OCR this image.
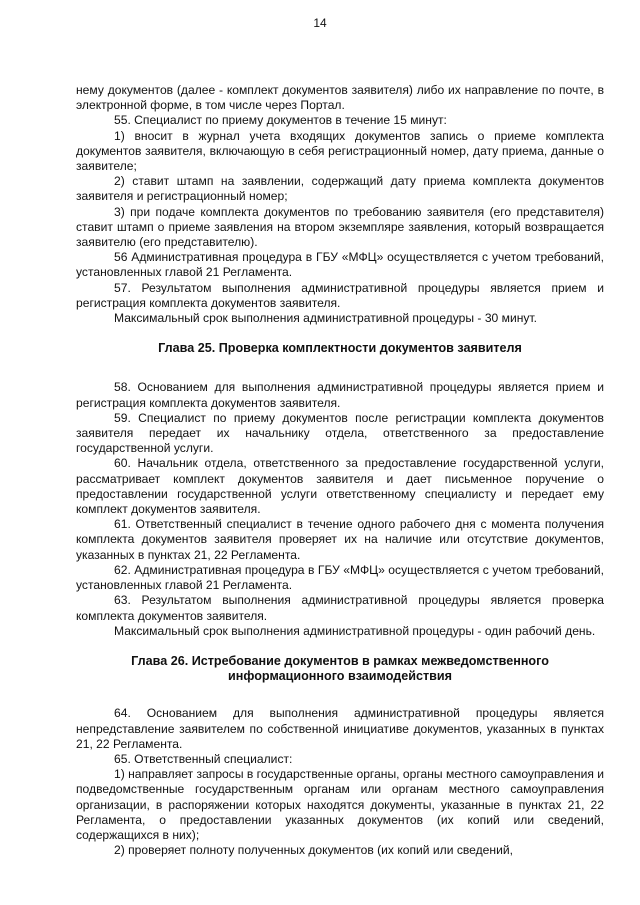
14

нему документов (далее - комплект документов заявителя) либо их направление по почте, в электронной форме, в том числе через Портал.

55. Специалист по приему документов в течение 15 минут:

1) вносит в журнал учета входящих документов запись о приеме комплекта документов заявителя, включающую в себя регистрационный номер, дату приема, данные о заявителе;

2) ставит штамп на заявлении, содержащий дату приема комплекта документов заявителя и регистрационный номер;

3) при подаче комплекта документов по требованию заявителя (его представителя) ставит штамп о приеме заявления на втором экземпляре заявления, который возвращается заявителю (его представителю).

56 Административная процедура в ГБУ «МФЦ» осуществляется с учетом требований, установленных главой 21 Регламента.

57. Результатом выполнения административной процедуры является прием и регистрация комплекта документов заявителя.

Максимальный срок выполнения административной процедуры - 30 минут.

Глава 25. Проверка комплектности документов заявителя

58. Основанием для выполнения административной процедуры является прием и регистрация комплекта документов заявителя.

59. Специалист по приему документов после регистрации комплекта документов заявителя передает их начальнику отдела, ответственного за предоставление государственной услуги.

60. Начальник отдела, ответственного за предоставление государственной услуги, рассматривает комплект документов заявителя и дает письменное поручение о предоставлении государственной услуги ответственному специалисту и передает ему комплект документов заявителя.

61. Ответственный специалист в течение одного рабочего дня с момента получения комплекта документов заявителя проверяет их на наличие или отсутствие документов, указанных в пунктах 21, 22 Регламента.

62. Административная процедура в ГБУ «МФЦ» осуществляется с учетом требований, установленных главой 21 Регламента.

63. Результатом выполнения административной процедуры является проверка комплекта документов заявителя.

Максимальный срок выполнения административной процедуры - один рабочий день.

Глава 26. Истребование документов в рамках межведомственного информационного взаимодействия

64. Основанием для выполнения административной процедуры является непредставление заявителем по собственной инициативе документов, указанных в пунктах 21, 22 Регламента.

65. Ответственный специалист:

1) направляет запросы в государственные органы, органы местного самоуправления и подведомственные государственным органам или органам местного самоуправления организации, в распоряжении которых находятся документы, указанные в пунктах 21, 22 Регламента, о предоставлении указанных документов (их копий или сведений, содержащихся в них);

2) проверяет полноту полученных документов (их копий или сведений,
